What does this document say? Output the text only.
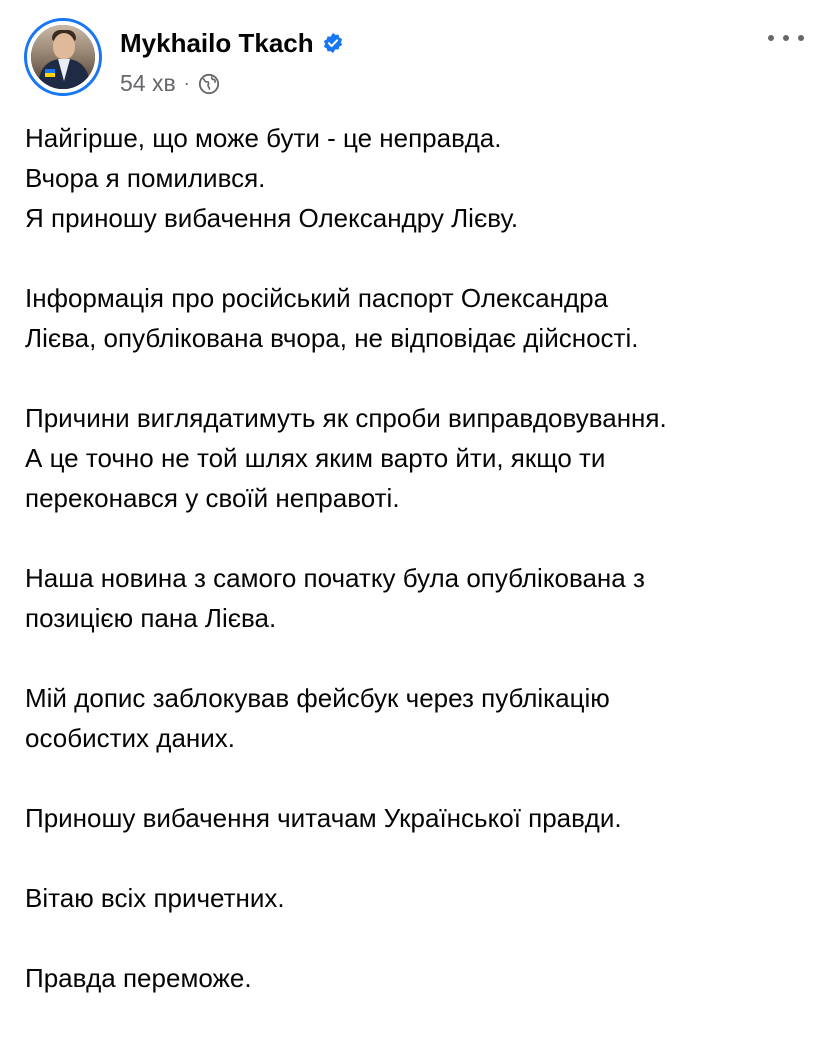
Mykhailo Tkach
54 хв ·

Найгірше, що може бути - це неправда.
Вчора я помилився.
Я приношу вибачення Олександру Лієву.

Інформація про російський паспорт Олександра
Лієва, опублікована вчора, не відповідає дійсності.

Причини виглядатимуть як спроби виправдовування.
А це точно не той шлях яким варто йти, якщо ти
переконався у своїй неправоті.

Наша новина з самого початку була опублікована з
позицією пана Лієва.

Мій допис заблокував фейсбук через публікацію
особистих даних.

Приношу вибачення читачам Української правди.

Вітаю всіх причетних.

Правда переможе.
